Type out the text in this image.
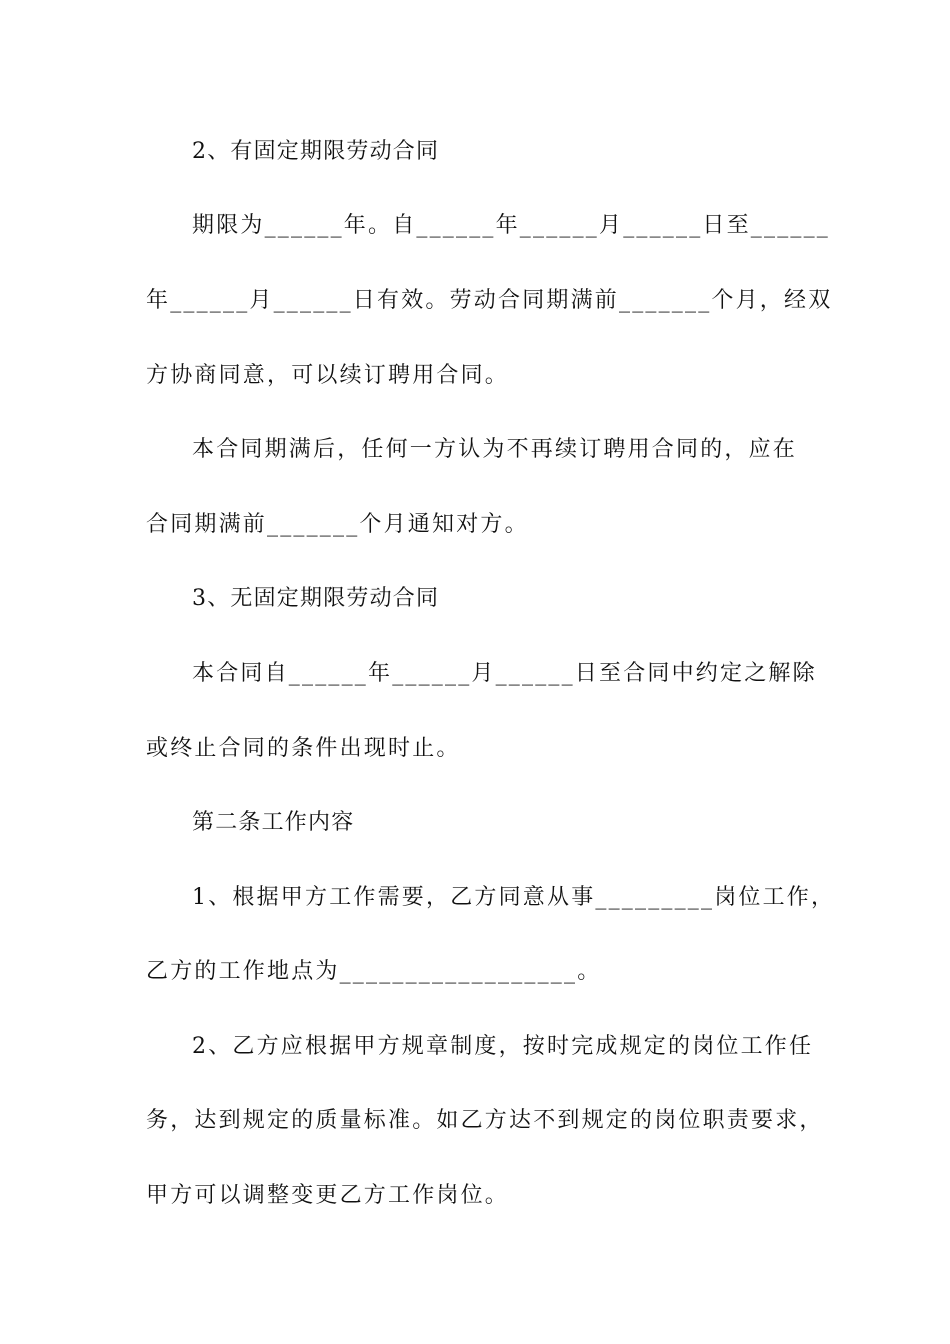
2、有固定期限劳动合同
期限为______年。自______年______月______日至______
年______月______日有效。劳动合同期满前_______个月，经双
方协商同意，可以续订聘用合同。
本合同期满后，任何一方认为不再续订聘用合同的，应在
合同期满前_______个月通知对方。
3、无固定期限劳动合同
本合同自______年______月______日至合同中约定之解除
或终止合同的条件出现时止。
第二条工作内容
1、根据甲方工作需要，乙方同意从事_________岗位工作，
乙方的工作地点为__________________。
2、乙方应根据甲方规章制度，按时完成规定的岗位工作任
务，达到规定的质量标准。如乙方达不到规定的岗位职责要求，
甲方可以调整变更乙方工作岗位。
